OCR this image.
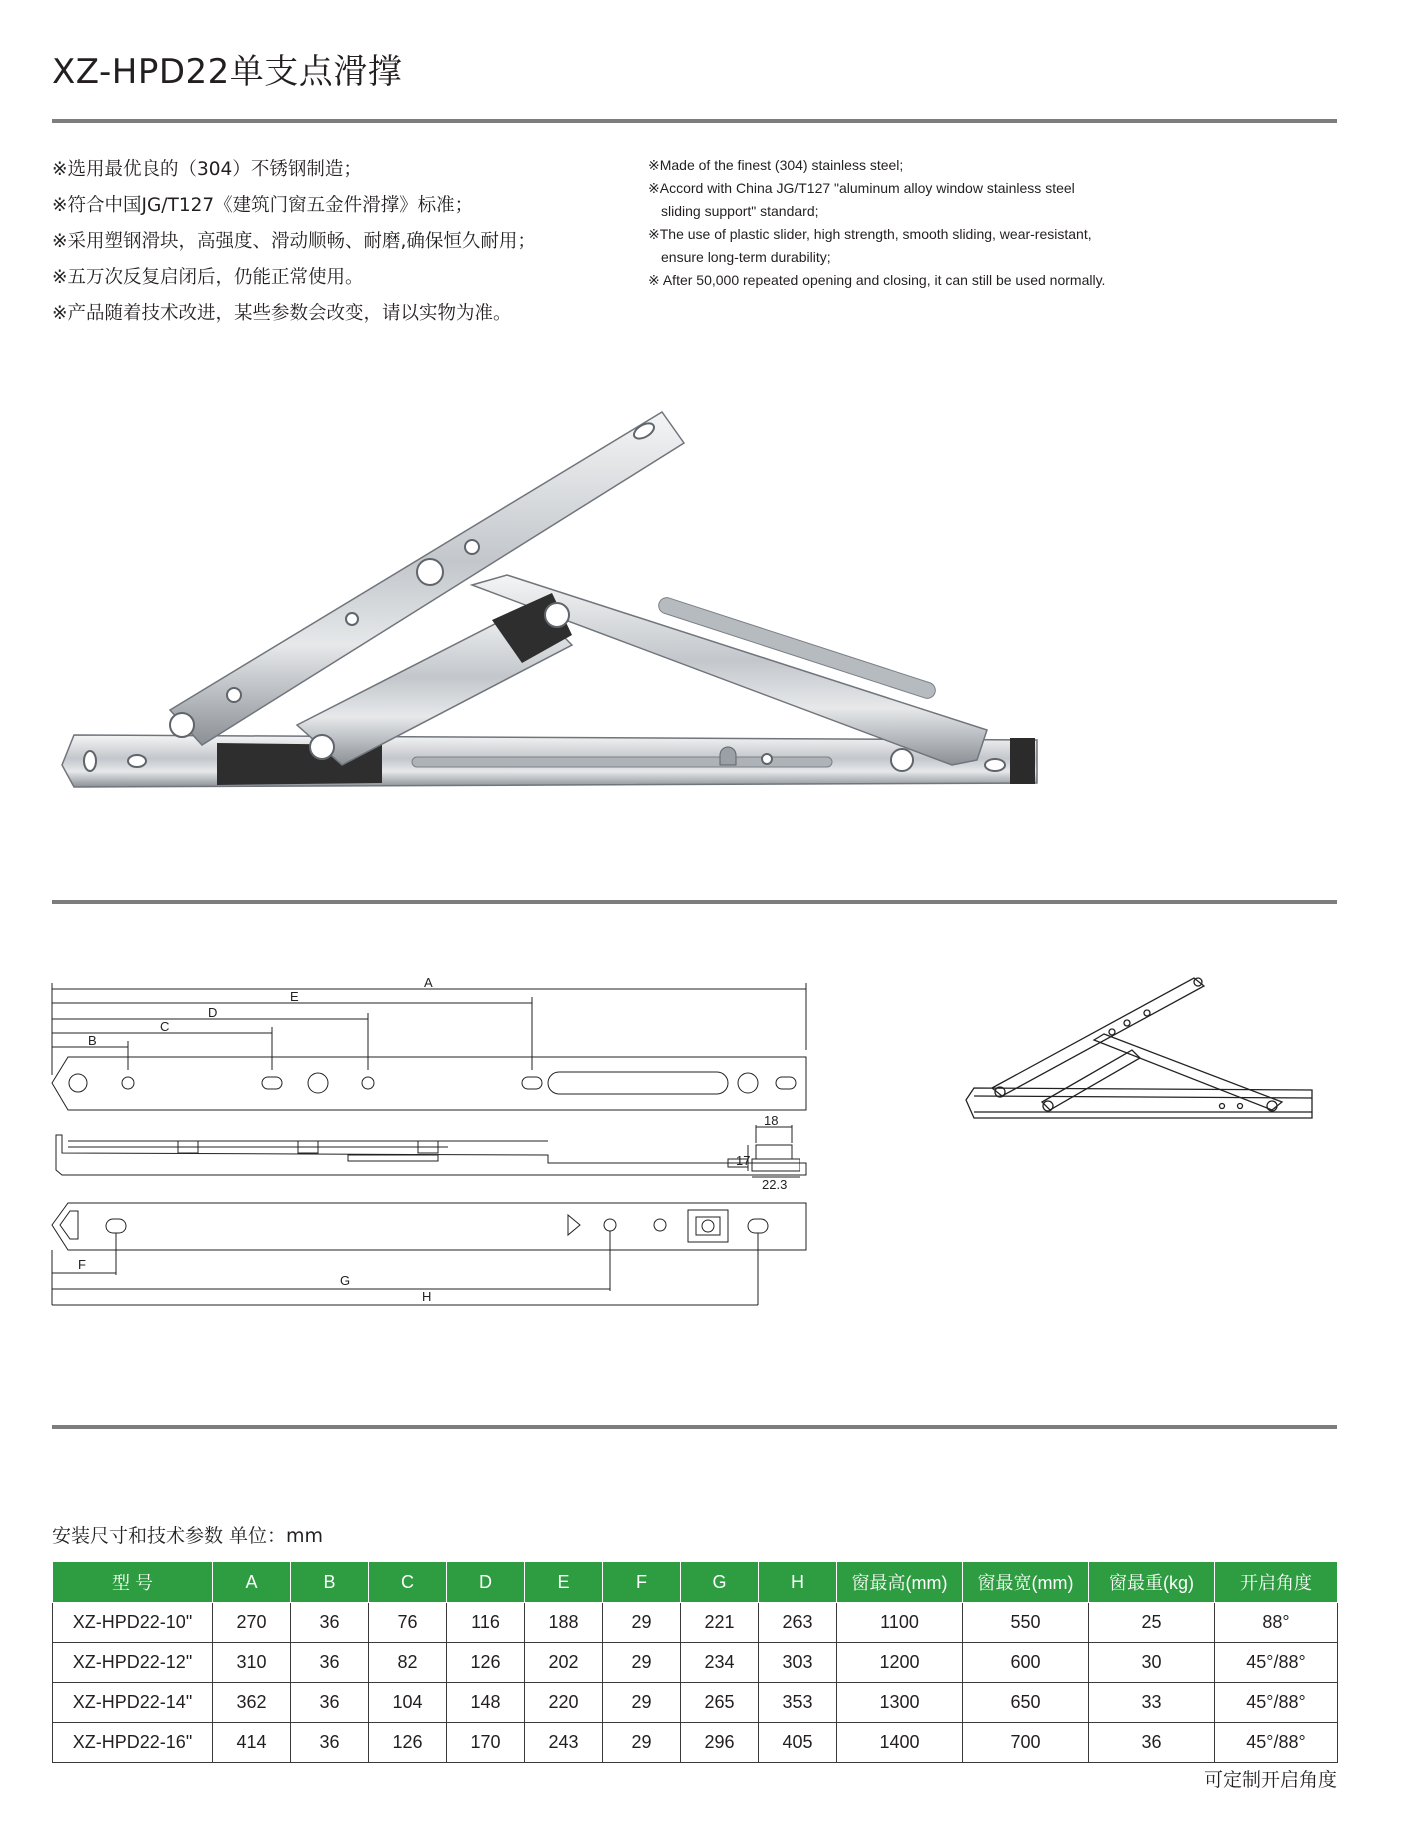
XZ-HPD22单支点滑撑
※选用最优良的（304）不锈钢制造；
※符合中国JG/T127《建筑门窗五金件滑撑》标准；
※采用塑钢滑块，高强度、滑动顺畅、耐磨,确保恒久耐用；
※五万次反复启闭后，仍能正常使用。
※产品随着技术改进，某些参数会改变，请以实物为准。
※Made of the finest (304) stainless steel;
※Accord with China JG/T127 "aluminum alloy window stainless steel
sliding support" standard;
※The use of plastic slider, high strength, smooth sliding, wear-resistant,
ensure long-term durability;
※ After 50,000 repeated opening and closing, it can still be used normally.
A
E
D
C
B
F
G
H
18
17
22.3
安装尺寸和技术参数 单位：mm
型 号	A	B	C	D	E	F	G	H	窗最高(mm)	窗最宽(mm)	窗最重(kg)	开启角度
XZ-HPD22-10"	270	36	76	116	188	29	221	263	1100	550	25	88°
XZ-HPD22-12"	310	36	82	126	202	29	234	303	1200	600	30	45°/88°
XZ-HPD22-14"	362	36	104	148	220	29	265	353	1300	650	33	45°/88°
XZ-HPD22-16"	414	36	126	170	243	29	296	405	1400	700	36	45°/88°
可定制开启角度
